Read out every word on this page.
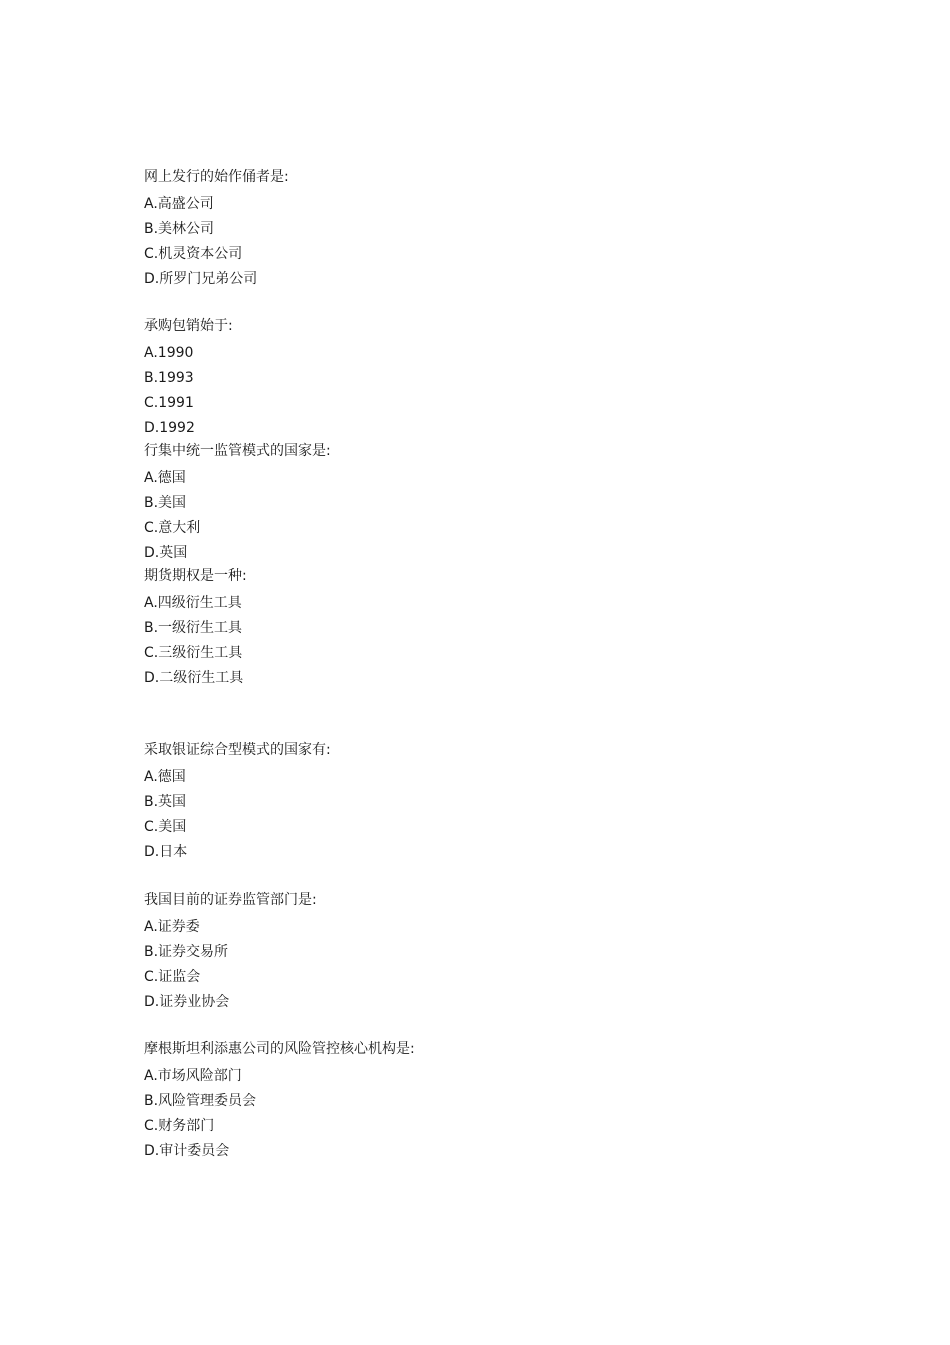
网上发行的始作俑者是:
A.高盛公司
B.美林公司
C.机灵资本公司
D.所罗门兄弟公司
承购包销始于:
A.1990
B.1993
C.1991
D.1992
行集中统一监管模式的国家是:
A.德国
B.美国
C.意大利
D.英国
期货期权是一种:
A.四级衍生工具
B.一级衍生工具
C.三级衍生工具
D.二级衍生工具
采取银证综合型模式的国家有:
A.德国
B.英国
C.美国
D.日本
我国目前的证券监管部门是:
A.证券委
B.证券交易所
C.证监会
D.证券业协会
摩根斯坦利添惠公司的风险管控核心机构是:
A.市场风险部门
B.风险管理委员会
C.财务部门
D.审计委员会
